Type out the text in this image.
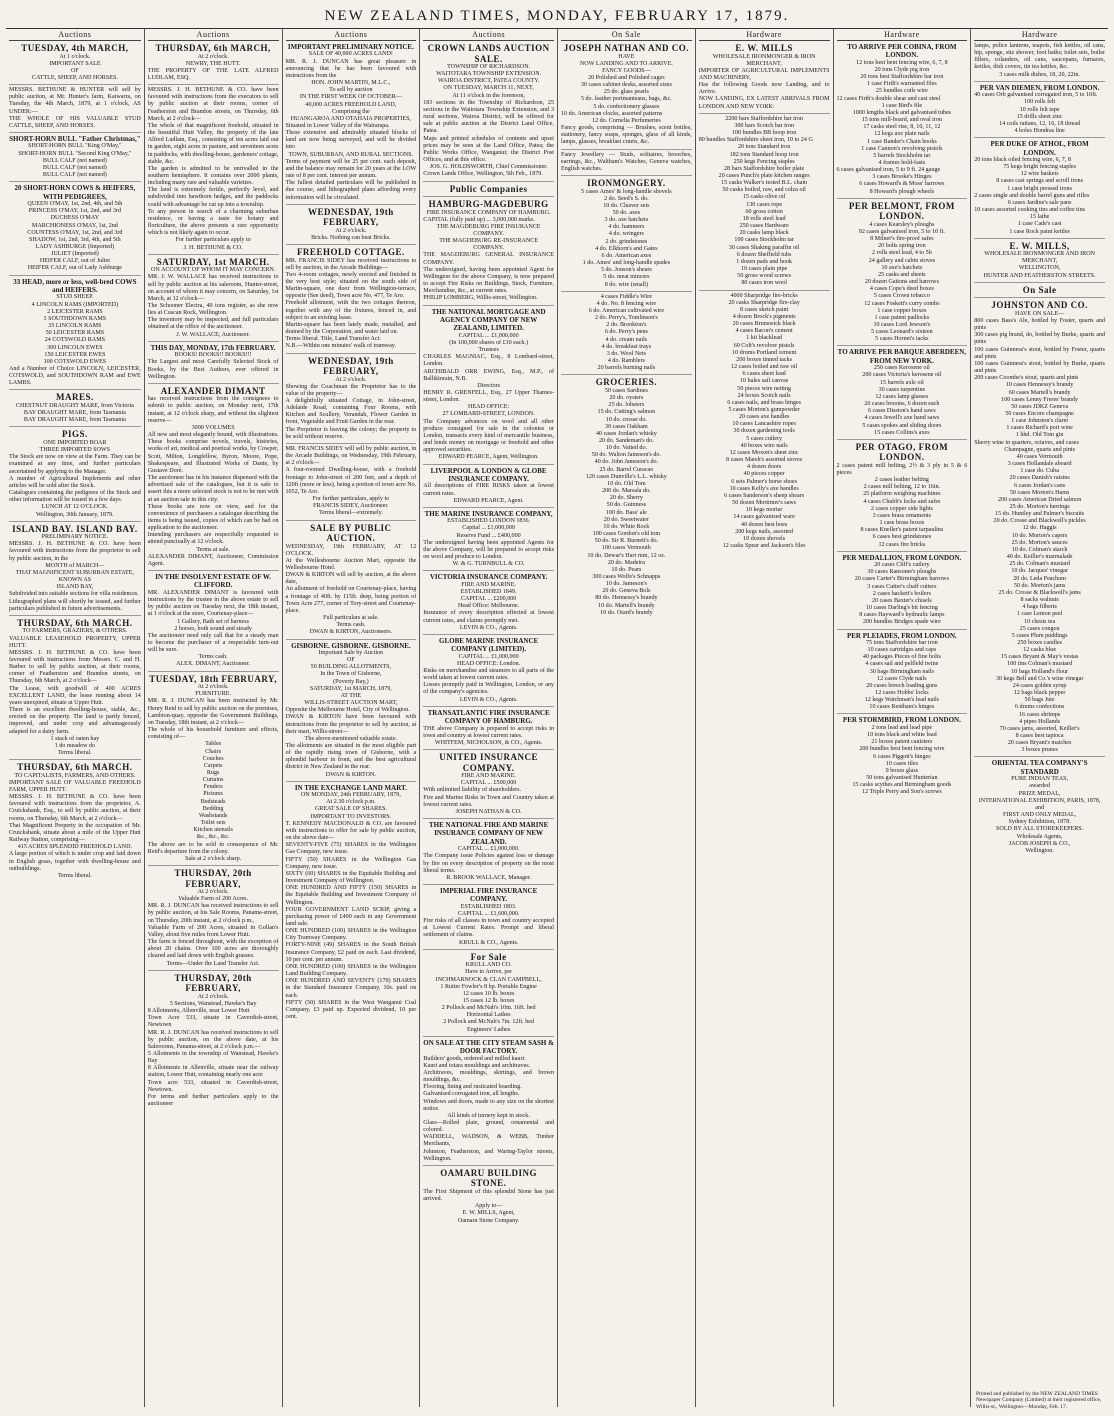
NEW ZEALAND TIMES, MONDAY, FEBRUARY 17, 1879.
Auctions
TUESDAY, 4th MARCH,

At 1 o'clock.

IMPORTANT SALE

OF

CATTLE, SHEEP, AND HORSES.

MESSRS. BETHUNE & HUNTER will sell by public auction, at Mr. Hunter's farm, Kaiwarra, on Tuesday, the 4th March, 1879, at 1 o'clock, AS UNDER:—

THE WHOLE OF HIS VALUABLE STUD CATTLE, SHEEP, AND HORSES.

SHORT-HORN BULL "Father Christmas,"

SHORT-HORN BULL "King O'May,"

SHORT-HORN BULL "Second King O'May,"

BULL CALF (not named)

BULL CALF (not named)

BULL CALF (not named)

20 SHORT-HORN COWS & HEIFERS, WITH PEDIGREES,

QUEEN O'MAY, 1st, 2nd, 4th, and 5th

PRINCESS O'MAY, 1st, 2nd, and 3rd

DUCHESS O'MAY

MARCHIONESS O'MAY, 1st, 2nd

COUNTESS O'MAY, 1st, 2nd, and 3rd

SHADOW, 1st, 2nd, 3rd, 4th, and 5th

LADY ASHBURGE (Imported)

JULIET (Imported)

HEIFER CALF, out of Juliet

HEIFER CALF, out of Lady Ashburge

33 HEAD, more or less, well-bred COWS and HEIFERS.

STUD SHEEP.

4 LINCOLN RAMS (IMPORTED)

2 LEICESTER RAMS

3 SOUTHDOWN RAMS

35 LINCOLN RAMS

50 LEICESTER RAMS

24 COTSWOLD RAMS

300 LINCOLN EWES

150 LEICESTER EWES

100 COTSWOLD EWES

And a Number of Choice LINCOLN, LEICESTER, COTSWOLD, and SOUTHDOWN RAM and EWE LAMBS.

MARES.

CHESTNUT DRAUGHT MARE, from Victoria

BAY DRAUGHT MARE, from Tasmania

BAY DRAUGHT MARE, from Tasmania

PIGS.

ONE IMPORTED BOAR

THREE IMPORTED SOWS

The Stock are now on view at the Farm. They can be examined at any time, and further particulars ascertained by applying to the Manager.

A number of Agricultural Implements and other articles will be sold after the Stock.

Catalogues containing the pedigrees of the Stock and other information will be issued in a few days.

LUNCH AT 12 O'CLOCK.

Wellington, 30th January, 1879.

ISLAND BAY. ISLAND BAY.

PRELIMINARY NOTICE.

MESSRS. J. H. BETHUNE & CO. have been favoured with instructions from the proprietor to sell by public auction, in the

MONTH of MARCH—

THAT MAGNIFICENT SUBURBAN ESTATE,

KNOWN AS

ISLAND BAY,

Subdivided into suitable sections for villa residences.

Lithographed plans will shortly be issued, and further particulars published in future advertisements.

THURSDAY, 6th MARCH.

TO FARMERS, GRAZIERS, & OTHERS.

VALUABLE LEASEHOLD PROPERTY, UPPER HUTT.

MESSRS. J. H. BETHUNE & CO. have been favoured with instructions from Messrs. C. and H. Barber to sell by public auction, at their rooms, corner of Featherston and Brandon streets, on Thursday, 6th March, at 2 o'clock—

The Lease, with goodwill of 400 ACRES EXCELLENT LAND, the lease running about 14 years unexpired, situate at Upper Hutt.

There is an excellent dwelling-house, stable, &c., erected on the property. The land is partly fenced, improved, and under crop and advantageously adapted for a dairy farm.

1 stack of oaten hay

1 do meadow do

Terms liberal.

THURSDAY, 6th MARCH.

TO CAPITALISTS, FARMERS, AND OTHERS.

IMPORTANT SALE OF VALUABLE FREEHOLD FARM, UPPER HUTT.

MESSRS. J. H. BETHUNE & CO. have been favoured with instructions from the proprietor, A. Cruickshank, Esq., to sell by public auction, at their rooms, on Thursday, 6th March, at 2 o'clock—

That Magnificent Property in the occupation of Mr. Cruickshank, situate about a mile of the Upper Hutt Railway Station, comprising—

415 ACRES SPLENDID FREEHOLD LAND.

A large portion of which is under crop and laid down in English grass, together with dwelling-house and outbuildings.

Terms liberal.

Auctions
THURSDAY, 6th MARCH,

At 2 o'clock.

NEWRY, THE HUTT.

THE PROPERTY OF THE LATE ALFRED LUDLAM, ESQ.

MESSRS. J. H. BETHUNE & CO. have been favoured with instructions from the executors to sell by public auction at their rooms, corner of Featherston and Brandon streets, on Thursday, 6th March, at 2 o'clock—

The whole of that magnificent freehold, situated in the beautiful Hutt Valley, the property of the late Alfred Ludlam, Esq., consisting of ten acres laid out in garden, eight acres in pasture, and seventeen acres in paddocks, with dwelling-house, gardeners' cottage, stable, &c.

The garden is admitted to be unrivalled in the southern hemisphere. It contains over 2000 plants, including many rare and valuable varieties.

The land is extremely fertile, perfectly level, and subdivided into hawthorn hedges, and the paddocks could with advantage be cut up into a township.

To any person in search of a charming suburban residence, or having a taste for botany and floriculture, the above presents a rare opportunity which is not likely again to occur.

For further particulars apply to

J. H. BETHUNE & CO.

SATURDAY, 1st MARCH.

ON ACCOUNT OF WHOM IT MAY CONCERN.

MR. J. W. WALLACE has received instructions to sell by public auction at his saleroom, Hunter-street, on account of whom it may concern, on Saturday, 1st March, at 12 o'clock—

The Schooner Electra, 40 tons register, as she now lies at Cuscan Rock, Wellington.

The inventory may be inspected, and full particulars obtained at the office of the auctioneer.

J. W. WALLACE, Auctioneer.

THIS DAY, MONDAY, 17th FEBRUARY.

BOOKS! BOOKS!! BOOKS!!!

The Largest and most Carefully Selected Stock of Books, by the Best Authors, ever offered in Wellington.

ALEXANDER DIMANT

has received instructions from the consignees to submit to public auction, on Monday next, 17th instant, at 12 o'clock sharp, and without the slightest reserve—

3000 VOLUMES

All new and most elegantly bound, with illustrations. These books comprise novels, travels, histories, works of art, medical and poetical works, by Cowper, Scott, Milton, Longfellow, Byron, Moore, Pope, Shakespeare, and Illustrated Works of Dante, by Gustave Doré.

The auctioneer has in his instance dispensed with the advertised sale of the catalogues, but it is safe to assert this a more selected stock is not to be met with at an auction sale in this city.

These books are now on view, and for the convenience of purchasers a catalogue describing the items is being issued, copies of which can be had on application to the auctioneer.

Intending purchasers are respectfully requested to attend punctually at 12 o'clock.

Terms at sale.

ALEXANDER DIMANT, Auctioneer, Commission Agent.

IN THE INSOLVENT ESTATE OF W. CLIFFORD.

MR. ALEXANDER DIMANT is favoured with instructions by the trustee in the above estate to sell by public auction on Tuesday next, the 18th instant, at 1 o'clock at the store, Courtenay-place—

1 Gallery, Bath set of harness

2 horses, both sound and steady

The auctioneer need only call that for a steady man to become the purchaser of a respectable turn-out will be sure.

Terms cash.

ALEX. DIMANT, Auctioneer.

TUESDAY, 18th FEBRUARY,

At 2 o'clock.

FURNITURE.

MR. R. J. DUNCAN has been instructed by Mr. Henry Reid to sell by public auction on the premises, Lambton-quay, opposite the Government Buildings, on Tuesday, 18th instant, at 2 o'clock—

The whole of his household furniture and effects, consisting of—

Tables

Chairs

Couches

Carpets

Rugs

Curtains

Fenders

Pictures

Bedsteads

Bedding

Washstands

Toilet sets

Kitchen utensils

&c., &c., &c.

The above are to be sold in consequence of Mr. Reid's departure from the colony.

Sale at 2 o'clock sharp.

THURSDAY, 20th FEBRUARY,

At 2 o'clock.

Valuable Farm of 200 Acres.

MR. R. J. DUNCAN has received instructions to sell by public auction, at his Sale Rooms, Panama-street, on Thursday, 20th instant, at 2 o'clock p.m.,

Valuable Farm of 200 Acres, situated in Gollan's Valley, about five miles from Lower Hutt.

The farm is fenced throughout, with the exception of about 20 chains. Over 100 acres are thoroughly cleared and laid down with English grasses.

Terms—Under the Land Transfer Act.

THURSDAY, 20th FEBRUARY,

At 2 o'clock.

5 Sections, Wanstead, Hawke's Bay

8 Allotments, Allenville, near Lower Hutt

Town Acre 533, situate in Caverdish-street, Newtown

MR. R. J. DUNCAN has received instructions to sell by public auction, on the above date, at his Salerooms, Panama-street, at 2 o'clock p.m.—

5 Allotments in the township of Wanstead, Hawke's Bay

8 Allotments in Allenville, situate near the railway station, Lower Hutt, containing nearly one acre

Town acre 533, situated in Caverdish-street, Newtown.

For terms and further particulars apply to the auctioneer

Auctions
IMPORTANT PRELIMINARY NOTICE.

SALE OF 40,000 ACRES LAND!

MR. R. J. DUNCAN has great pleasure in announcing that he has been favoured with instructions from the

HON. JOHN MARTIN, M.L.C.,

To sell by auction

IN THE FIRST WEEK OF OCTOBER—

40,000 ACRES FREEHOLD LAND,

Comprising the

HUANGAROA AND OTAHAIA PROPERTIES,

Situated in Lower Valley of the Wairarapa.

These extensive and admirably situated blocks of land are now being surveyed, and will be divided into

TOWN, SUBURBAN, AND RURAL SECTIONS.

Terms of payment will be 25 per cent. each deposit, and the balance may remain for 20 years at the LOW rate of 8 per cent. interest per annum.

The fullest detailed particulars will be published in due course, and lithographed plans affording every information will be circulated.

WEDNESDAY, 19th FEBRUARY,

At 2 o'clock.

Bricks. Nothing can beat Bricks.

FREEHOLD COTTAGE.

MR. FRANCIS SIDEY has received instructions to sell by auction, in the Arcade Buildings—

Two 4-room cottages, newly erected and finished in the very best style; situated on the south side of Martin-square, one door from Wellington-terrace, opposite (See deed), Town acre No. 477, Te Aro.

Freehold allotment, with the two cottages thereon, together with any of the fixtures, fenced in, and subject to an existing lease.

Martin-square has been lately made, metalled, and drained by the Corporation, and water laid on.

Terms liberal. Title, Land Transfer Act.

N.B.—Within one minutes' walk of tramway.

WEDNESDAY, 19th FEBRUARY,

At 2 o'clock.

Showing the Coachman the Proprietor has to the value of the property—

A delightfully situated Cottage, in John-street, Adelaide Road, containing Four Rooms, with Kitchen and Scullery, Verandah, Flower Garden in front, Vegetable and Fruit Garden in the rear.

The Proprietor is leaving the colony; the property to be sold without reserve.

MR. FRANCIS SIDEY will sell by public auction, in the Arcade Buildings, on Wednesday, 19th February, at 2 o'clock—

A four-roomed Dwelling-house, with a freehold frontage to John-street of 200 feet, and a depth of 120ft (more or less), being a portion of town acre No. 1052, Te Aro.

For further particulars, apply to

FRANCIS SIDEY, Auctioneer.

Terms liberal—extremely.

SALE BY PUBLIC AUCTION.

WEDNESDAY, 19th FEBRUARY, AT 12 O'CLOCK.

At the Wellesbourne Auction Mart, opposite the Wellesbourne Hotel.

DWAN & KIRTON will sell by auction, at the above date,

An allotment of freehold on Courtenay-place, having a frontage of 40ft. by 115ft. deep, being portion of Town Acre 277, corner of Tory-street and Courtenay-place.

Full particulars at sale.

Terms cash.

DWAN & KIRTON, Auctioneers.

GISBORNE. GISBORNE. GISBORNE.

Important Sale by Auction

OF

50 BUILDING ALLOTMENTS,

In the Town of Gisborne,

(Poverty Bay,)

SATURDAY, 1st MARCH, 1879,

AT THE

WILLIS-STREET AUCTION MART,

Opposite the Melbourne Hotel, City of Wellington.

DWAN & KIRTON have been favoured with instructions from the proprietor to sell by auction, at their mart, Willis-street—

The above-mentioned valuable estate.

The allotments are situated in the most eligible part of the rapidly rising town of Gisborne, with a splendid harbour in front, and the best agricultural district in New Zealand in the rear.

DWAN & KIRTON.

IN THE EXCHANGE LAND MART.

ON MONDAY, 24th FEBRUARY, 1879,

At 2.30 o'clock p.m.

GREAT SALE OF SHARES.

IMPORTANT TO INVESTORS.

T. KENNEDY MACDONALD & CO. are favoured with instructions to offer for sale by public auction, on the above date—

SEVENTY-FIVE (75) SHARES in the Wellington Gas Company, new issue.

FIFTY (50) SHARES in the Wellington Gas Company, new issue.

SIXTY (60) SHARES in the Equitable Building and Investment Company of Wellington.

ONE HUNDRED AND FIFTY (150) SHARES in the Equitable Building and Investment Company of Wellington.

FOUR GOVERNMENT LAND SCRIP, giving a purchasing power of £400 each in any Government land sale.

ONE HUNDRED (100) SHARES in the Wellington City Tramway Company.

FORTY-NINE (49) SHARES in the South British Insurance Company, £2 paid on each. Last dividend, 10 per cent. per annum.

ONE HUNDRED (100) SHARES in the Wellington Land Building Company.

ONE HUNDRED AND SEVENTY (170) SHARES in the Standard Insurance Company, 10s. paid on each.

FIFTY (50) SHARES in the West Wanganui Coal Company, £3 paid up. Expected dividend, 10 per cent.

Auctions
CROWN LANDS AUCTION SALE.

TOWNSHIP OF RICHARDSON.

WAITOTARA TOWNSHIP EXTENSION.

WAIROA DISTRICT, PATEA COUNTY.

ON TUESDAY, MARCH 11, NEXT,

At 11 o'clock in the forenoon,

183 sections in the Township of Richardson, 25 sections in the Waitotara Township Extension, and 3 rural sections, Wairoa District, will be offered for sale at public auction at the District Land Office, Patea.

Maps and printed schedules of contents and upset prices may be seen at the Land Office, Patea; the Public Works Office, Wanganui; the District Post Offices, and at this office.

JOS. G. HOLDSWORTH, Chief Commissioner.

Crown Lands Office, Wellington, 5th Feb., 1879.

Public Companies
HAMBURG-MAGDEBURG

FIRE INSURANCE COMPANY OF HAMBURG.

CAPITAL (fully paid up) ... 3,000,000 marks.

THE MAGDEBURG FIRE INSURANCE COMPANY.

THE MAGDEBURG RE-INSURANCE COMPANY.

THE MAGDEBURG GENERAL INSURANCE COMPANY.

The undersigned, having been appointed Agent for Wellington for the above Company, is now prepared to accept Fire Risks on Buildings, Stock, Furniture, Merchandise, &c., at current rates.

PHILIP LOMBERG, Willis-street, Wellington.

THE NATIONAL MORTGAGE AND AGENCY COMPANY OF NEW ZEALAND, LIMITED.

CAPITAL ... £1,000,000

(In 100,000 shares of £10 each.)

Trustees

CHARLES MAGNIAC, Esq., 8 Lombard-street, London.

ARCHIBALD ORR EWING, Esq., M.P., of Ballikinrain, N.B.

Directors

HENRY R. GRENFELL, Esq., 27 Upper Thames-street, London.

HEAD OFFICE:

27 LOMBARD-STREET, LONDON.

The Company advances on wool and all other produce consigned for sale in the colonies or London, transacts every kind of mercantile business, and lends money on mortgage or freehold and other approved securities.

EDWARD PEARCE, Agent, Wellington.

LIVERPOOL & LONDON & GLOBE INSURANCE COMPANY.

All descriptions of FIRE RISKS taken at lowest current rates.

EDWARD PEARCE, Agent.

THE MARINE INSURANCE COMPANY,

ESTABLISHED LONDON 1836.

Capital ... £1,000,000

Reserve Fund ... £400,000

The undersigned having been appointed Agents for the above Company, will be prepared to accept risks on wool and produce to London.

W. & G. TURNBULL & CO.

VICTORIA INSURANCE COMPANY.

FIRE AND MARINE.

ESTABLISHED 1849.

CAPITAL ... £200,000

Head Office: Melbourne.

Insurance of every description effected at lowest current rates, and claims promptly met.

LEVIN & CO., Agents.

GLOBE MARINE INSURANCE COMPANY (LIMITED).

CAPITAL ... £1,000,000

HEAD OFFICE: London.

Risks on merchandise and steamers to all parts of the world taken at lowest current rates.

Losses promptly paid in Wellington, London, or any of the company's agencies.

LEVIN & CO., Agents.

TRANSATLANTIC FIRE INSURANCE COMPANY OF HAMBURG.

THE above Company is prepared to accept risks in town and country at lowest current rates.

WHITFEM, NICHOLSON, & CO., Agents.

UNITED INSURANCE COMPANY.

FIRE AND MARINE.

CAPITAL ... £500,000

With unlimited liability of shareholders.

Fire and Marine Risks in Town and Country taken at lowest current rates.

JOSEPH NATHAN & CO.

THE NATIONAL FIRE AND MARINE INSURANCE COMPANY OF NEW ZEALAND.

CAPITAL ... £1,000,000.

The Company issue Policies against loss or damage by fire on every description of property on the most liberal terms.

R. BROOK WALLACE, Manager.

IMPERIAL FIRE INSURANCE COMPANY.

ESTABLISHED 1803.

CAPITAL ... £1,600,000.

Fire risks of all classes in town and country accepted at Lowest Current Rates. Prompt and liberal settlement of claims.

KRULL & CO., Agents.

For Sale

KRULL AND CO.

Have to Arrive, per

INCHMARNOCK & CLAN CAMPBELL,

1 Rutter Fowler's 8 hp. Portable Engine

12 cases 10 lb. boxes

15 cases 12 lb. boxes

2 Pollock and McNab's 10in. 16ft. bed

Horizontal Lathes

2 Pollock and McNab's 7in. 12ft. bed

Engineers' Lathes

ON SALE AT THE CITY STEAM SASH & DOOR FACTORY.

Builders' goods, ordered and milled kauri.

Kauri and totara mouldings and architraves.

Architraves, mouldings, skirtings, and brown mouldings, &c.

Flooring, lining and rusticated boarding.

Galvanised corrugated iron, all lengths.

Windows and doors, made to any size on the shortest notice.

All kinds of turnery kept in stock.

Glass—Rolled plate, ground, ornamental and colored.

WADDELL, WADSON, & WEBB, Timber Merchants,

Johnston, Featherston, and Waring-Taylor streets, Wellington.

OAMARU BUILDING STONE.

The First Shipment of this splendid Stone has just arrived.

Apply to—

E. W. MILLS, Agent,

Oamaru Stone Company.

On Sale
JOSEPH NATHAN AND CO.

HAVE

NOW LANDING AND TO ARRIVE.

FANCY GOODS—

20 Polished and Polished cages

30 cases cabinet desks, assorted sizes

25 do. glass pearls

5 do. leather portmanteaus, bags, &c.

5 do. confectionery glasses

10 do. American clocks, assorted patterns

12 do. Cornelia Perfumeries

Fancy goods, comprising — Brushes, scent bottles, stationery, fancy soaps, sponges, glass of all kinds, lamps, glasses, breakfast cruets, &c.

Fancy Jewellery — Studs, solitaires, brooches, earrings, &c., Waltham's Watches, Geneva watches, English watches.

IRONMONGERY.

5 cases Ames' & long-handle shovels

2 do. Seed's S. do.

10 do. Cleaver sets

50 do. axes

3 do. axe hatchets

4 do. hammers

4 do. wringers

2 do. grindstones

4 do. Elkhorn's and Gates

6 do. American axes

1 do. Ames' and long-handle spades

5 do. Jonson's shears

5 do. meat mincers

8 do. wire (small)

4 cases Fiddle's Wire

4 do. No. 8 fencing wire

6 do. American cultivated wire

2 do. Perry's, Tomlinson's

2 do. Brookton's

6 do. Perry's pens

4 do. cream nails

4 do. breakfast trays

3 do. Wool Nets

4 do. Ramblers

20 barrels burning nails

GROCERIES.

50 cases Sardines

20 do. oysters

25 do. lobsters

15 do. Cutting's salmon

10 do. crosse do.

30 cases Oakham

40 cases Jordan's whisky

20 do. Sandeman's do.

10 do. Vatted do.

50 do. Walton Jameson's do.

40 do. John Jameson's do.

25 do. Barrel Curacao

120 cases Dunville's L.L. whisky

10 do. Old Tom

200 do. Marsala do.

20 do. Sherry

50 do. Guinness

100 do. Bass' ale

20 do. Sweetwater

10 do. White Rock

100 cases Gordon's old tom

50 do. Sir R. Burnett's do.

100 cases Vermouth

10 do. Dewar's Hart rum, 12 oz.

20 do. Madeira

10 do. Pears

300 cases Wolfe's Schnapps

10 do. Jameson's

20 do. Geneva Bols

80 do. Hennessy's brandy

10 do. Martell's brandy

10 do. Otard's brandy

Hardware
E. W. MILLS

WHOLESALE IRONMONGER & IRON MERCHANT,

IMPORTER OF AGRICULTURAL IMPLEMENTS AND MACHINERY,

Has the following Goods now Landing, and to Arrive.

NOW LANDING, EX LATEST ARRIVALS FROM LONDON AND NEW YORK:

2200 bars Staffordshire bar iron

300 bars Scotch bar iron

100 bundles BB hoop iron

80 bundles Staffordshire sheet iron, 10 to 24 G

20 tons Standard iron

182 tons Standard hoop iron

250 kegs Fencing staples

28 bars Staffordshire boiler plate

20 cases Punch's plate kitchen ranges

15 casks Walker's tested B.L. chain

50 casks boiled, raw, and colza oil

15 casks olive oil

130 cases rope

60 gross cotton

18 rolls steel lead

250 cases Hardware

20 casks lamp black

100 cases Stockholm tar

30 cases Shaking paraffin oil

6 dozen Sheffield tubs

1 dozen pads and hook

10 cases plain pipe

50 gross wood screws

80 cases iron wool

4000 Sharpridge fire-bricks

20 casks Sharpridge fire-clay

8 cases sketch paint

4 dozen Brock's pigments

20 cases Brunswick black

4 cases Bacon's cement

1 kit blacklead

60 Colt's revolver pistols

10 drums Portland cement

200 boxes tinned tacks

12 cases boiled and raw oil

6 cases sheet lead

10 bales sail canvas

50 pieces wire netting

24 boxes Scotch nails

6 cases nails, and brass hinges

5 cases Morton's gumpowder

20 cases axe handles

10 cases Lancashire ropes

30 dozen gardening tools

5 cases cutlery

40 boxes wire nails

12 cases Moxon's sheet zinc

8 cases Marsh's assorted stoves

4 dozen doors

40 pieces copper

6 sets Palmer's horse shoes

10 cases Kelly's axe handles

6 cases Sanderson's sheep shears

50 dozen Mortimer's saws

10 kegs mortar

14 cases galvanised ware

40 dozen best hoes

200 kegs nails, assorted

10 dozen shovels

12 casks Spear and Jackson's files

Hardware
TO ARRIVE PER COBINA, FROM LONDON.

12 tons best bent fencing wire, 6, 7, 8

20 tons Clyde pig iron

20 tons best Staffordshire bar iron

1 case Firth's warranted files

25 bundles coils wire

12 cases Firth's double shear and cast steel

1 case Bird's file

1000 lengths black and galvanised tubes

15 tons mill-board, and oval iron

17 casks steel rise, 8, 10, 11, 12

12 kegs axe plate nails

1 case Bander's Chain hooks

1 case Cannon's revolving pistols

5 barrels Stockholm tar

4 frames hold-fasts

6 cases galvanised iron, 5 to 9 ft. 24 gauge

3 cases Brooke's Hinges

6 cases Howard's & Moss' harrows

8 Howard's plough wheels

PER BELMONT, FROM LONDON.

4 cases Kearsley's ploughs

92 cases galvanised iron, 5 to 10 ft.

8 Milner's fire-proof safes

20 bolts spring iron

2 rolls steel lead, 4 to 5b

24 gallery and cabin stoves

10 axe's hatchets

25 casks and sheets

20 dozen Gaitons and harrows

4 cases Cope's deed boxes

5 cases Crown tobacco

12 cases Foskett's curry combs

1 case copper boxes

1 case patent padlocks

10 cases Lord Jewson's

5 cases Leonard's sixteen

5 cases Hornet's tacks

TO ARRIVE PER BARQUE ABERDEEN, FROM NEW YORK.

250 cases Kerosene oil

200 cases Victoria's kerosene oil

15 barrels axle oil

30 cases turpentine

12 cases lamp glasses

20 cases brooms, 6 dozen each

6 cases Disston's hand saws

4 cases Jewell's axe hand saws

5 cases spokes and sliding doors

15 cases Collins's axes

PER OTAGO, FROM LONDON.

2 cases patent mill belting, 2½ & 3 ply in 5 & 6 pieces

2 cases leather belting

2 cases mill belting, 12 to 16in.

25 platform weighing machines

4 cases Chubb's locks and safes

2 cases copper side lights

3 cases brass ornaments

1 case brass boxes

8 cases Kneller's patent tarpaulins

6 cases best grindstones

12 cases fire bricks

PER MEDALLION, FROM LONDON.

20 cases Cliff's cutlery

30 cases Ransome's ploughs

20 cases Carter's Birmingham harrows

3 cases Cutter's chaff cutters

2 cases hackett's boilers

20 cases Baxter's chisels

10 cases Darling's bit fencing

8 cases Hayward's hydraulic lamps

200 bundles Bridges spade wire

PER PLEIADES, FROM LONDON.

75 tons Staffordshire bar iron

10 cases cartridges and caps

40 packages Pieces of fine bolts

4 cases sail and pelfleld twine

30 bags Birmingham nails

12 cases Clyde nails

20 cases breech loading guns

12 cases Hobbs' locks

12 kegs Watchman's lead nails

10 cases Rentham's hinges

PER STORMBIRD, FROM LONDON.

2 tons lead and lead pipe

10 tons black and white lead

21 boxes patent canisters

200 bundles best bent fencing wire

6 cases Piggott's hinges

10 cases tiles

9 boxes glass

50 tons galvanised Hunterian

15 casks scythes and Birmingham goods

12 Triple Perry and Son's screws

Hardware

lamps, police lanterns, teapots, fish kettles, oil cans, hip, sponge, sitz shower, foot baths; toilet sets, boiler fillers, colanders, oil cans, saucepans, furnaces, kettles, dish covers, tin tea kettles, &c.

3 cases milk dishes, 18, 20, 22in.

PER VAN DIEMEN, FROM LONDON.

40 cases Orb galvanised corrugated iron, 5 to 10ft.

100 rolls felt

10 rolls felt tape

15 drills sheet zinc

14 coils rattans, 12, 16, 18 thread

4 boles Hondras line

PER DUKE OF ATHOL, FROM LONDON.

20 tons black oiled fencing wire, 6, 7, 8

75 kegs bright fencing staples

12 wire baskets

8 cases cast springs and scroll irons

1 case bright pressed irons

2 cases single and double barrel guns and rifles

6 cases Jardine's sale pans

10 cases assorted cooking tins and coffee tins

15 lathe

1 case Cade's cast

1 case Rock paint kettles

E. W. MILLS,

WHOLESALE IRONMONGER AND IRON MERCHANT,

WELLINGTON,

HUNTER AND FEATHERSTON STREETS.

On Sale
JOHNSTON AND CO.

HAVE ON SALE—

800 cases Bass's Ale, bottled by Foster, quarts and pints

300 cases pig brand, do, bottled by Burke, quarts and pints

100 cases Guinness's stout, bottled by Foster, quarts and pints

100 cases Guinness's stout, bottled by Burke, quarts and pints

200 cases Coombe's stout, quarts and pints

10 cases Hennessy's brandy

60 cases Martell's brandy

100 cases Lenny Freres' brandy

50 cases JDKZ Geneva

50 cases Encore champagne

1 case Johnston's claret

1 cases Richard's port wine

1 hhd. Old Tom gin

Sherry wine in quarters, octaves, and cases

Champagne, quarts and pints

40 cases Vermouth

3 cases Hollandale aboard

1 case do. Cuba

20 cases Danish's raisins

6 cases Jordan's cans

50 cases Morton's Hams

200 cases American Dried salmon

25 do. Morton's herrings

15 do. Huntley and Palmer's biscuits

20 do. Crosse and Blackwell's pickles

12 do. Haggis

10 do. Morton's capers

25 do. Morton's sauces

10 do. Colman's starch

40 do. Keiller's marmalade

25 do. Colman's mustard

10 do. Jacques' vinegar

20 do. Leda Peachum

50 do. Morton's jams

25 do. Crosse & Blackwell's jams

8 sacks walnuts

4 bags filberts

1 case Lemon peel

10 chests tea

25 cases congou

5 cases Plum puddings

250 boxes candles

12 casks blue

15 cases Bryant & May's vestas

100 tins Colman's mustard

10 bags Holland's flour

30 kegs Bell and Co.'s wine vinegar

24 cases golden syrup

12 bags black pepper

50 bags Jute

6 drums confections

16 cases shrimps

4 pipes Hollands

70 cases jams, assorted, Keiller's

8 cases best tapioca

20 cases Bryant's matches

3 boxes prunes

ORIENTAL TEA COMPANY'S STANDARD

PURE INDIAN TEAS,

awarded

PRIZE MEDAL,

INTERNATIONAL EXHIBITION, PARIS, 1878,

and

FIRST AND ONLY MEDAL,

Sydney Exhibition, 1878.

SOLD BY ALL STOREKEEPERS.

Wholesale Agents,

JACOB JOSEPH & CO.,

Wellington.

Printed and published by the NEW ZEALAND TIMES Newspaper Company (Limited) at their registered office, Willis-st., Wellington—Monday, Feb. 17.
